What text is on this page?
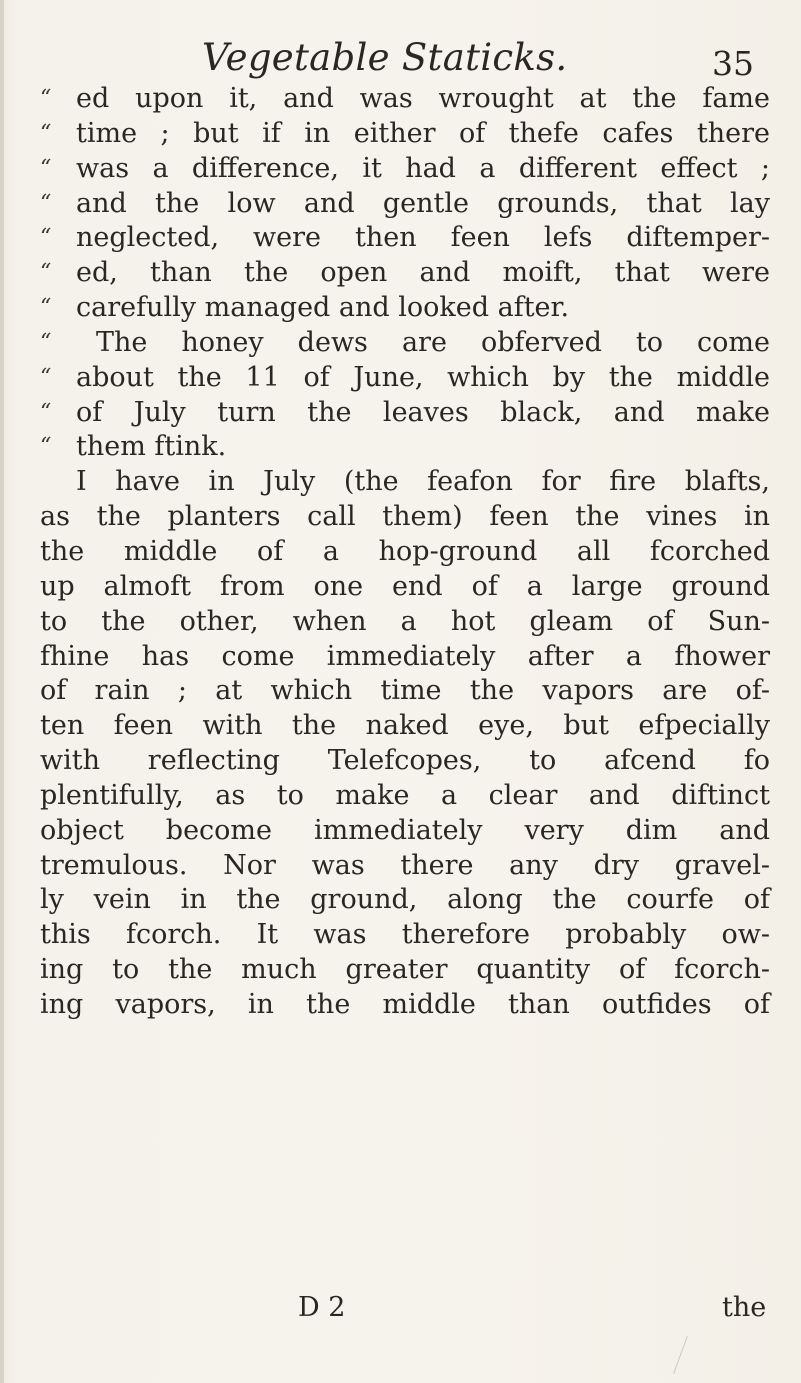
Vegetable Staticks.	35
“ ed upon it, and was wrought at the fame
“ time ; but if in either of thefe cafes there
“ was a difference, it had a different effect ;
“ and the low and gentle grounds, that lay
“ neglected, were then feen lefs diftemper-
“ ed, than the open and moift, that were
“ carefully managed and looked after.
“	The honey dews are obferved to come
“ about the 11 of June, which by the middle
“ of July turn the leaves black, and make
“ them ftink.
I have in July (the feafon for fire blafts,
as the planters call them) feen the vines in
the middle of a hop-ground all fcorched
up almoft from one end of a large ground
to the other, when a hot gleam of Sun-
fhine has come immediately after a fhower
of rain ; at which time the vapors are of-
ten feen with the naked eye, but efpecially
with reflecting Telefcopes, to afcend fo
plentifully, as to make a clear and diftinct
object become immediately very dim and
tremulous. Nor was there any dry gravel-
ly vein in the ground, along the courfe of
this fcorch. It was therefore probably ow-
ing to the much greater quantity of fcorch-
ing vapors, in the middle than outfides of
D 2	the
